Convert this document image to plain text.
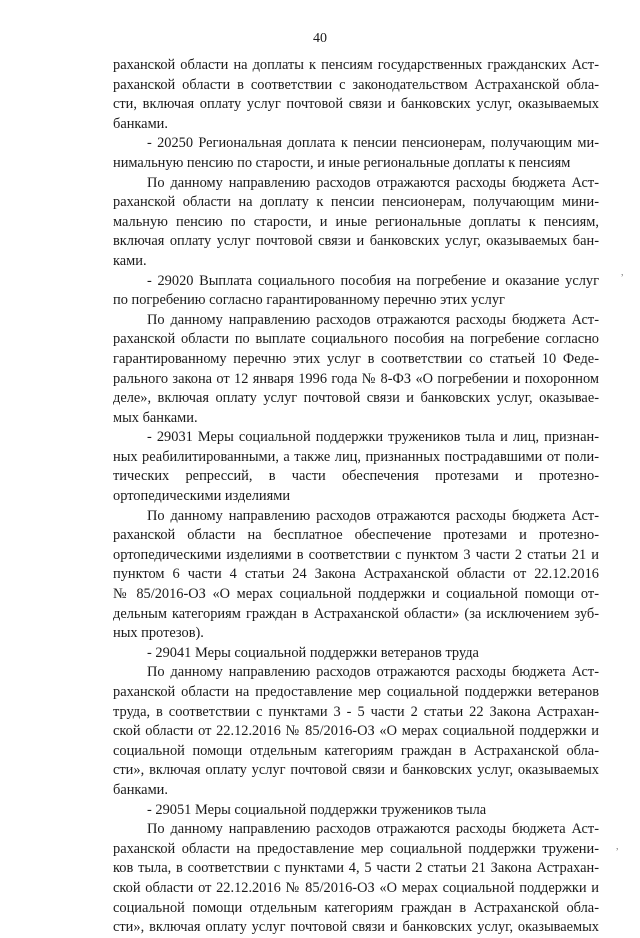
40
раханской области на доплаты к пенсиям государственных гражданских Аст-
раханской области в соответствии с законодательством Астраханской обла-
сти, включая оплату услуг почтовой связи и банковских услуг, оказываемых
банками.
- 20250 Региональная доплата к пенсии пенсионерам, получающим ми-
нимальную пенсию по старости, и иные региональные доплаты к пенсиям
По данному направлению расходов отражаются расходы бюджета Аст-
раханской области на доплату к пенсии пенсионерам, получающим мини-
мальную пенсию по старости, и иные региональные доплаты к пенсиям,
включая оплату услуг почтовой связи и банковских услуг, оказываемых бан-
ками.
- 29020 Выплата социального пособия на погребение и оказание услуг
по погребению согласно гарантированному перечню этих услуг
По данному направлению расходов отражаются расходы бюджета Аст-
раханской области по выплате социального пособия на погребение согласно
гарантированному перечню этих услуг в соответствии со статьей 10 Феде-
рального закона от 12 января 1996 года № 8-ФЗ «О погребении и похоронном
деле», включая оплату услуг почтовой связи и банковских услуг, оказывае-
мых банками.
- 29031 Меры социальной поддержки тружеников тыла и лиц, признан-
ных реабилитированными, а также лиц, признанных пострадавшими от поли-
тических репрессий, в части обеспечения протезами и протезно-
ортопедическими изделиями
По данному направлению расходов отражаются расходы бюджета Аст-
раханской области на бесплатное обеспечение протезами и протезно-
ортопедическими изделиями в соответствии с пунктом 3 части 2 статьи 21 и
пунктом 6 части 4 статьи 24 Закона Астраханской области от 22.12.2016
№ 85/2016-ОЗ «О мерах социальной поддержки и социальной помощи от-
дельным категориям граждан в Астраханской области» (за исключением зуб-
ных протезов).
- 29041 Меры социальной поддержки ветеранов труда
По данному направлению расходов отражаются расходы бюджета Аст-
раханской области на предоставление мер социальной поддержки ветеранов
труда, в соответствии с пунктами 3 - 5 части 2 статьи 22 Закона Астрахан-
ской области от 22.12.2016 № 85/2016-ОЗ «О мерах социальной поддержки и
социальной помощи отдельным категориям граждан в Астраханской обла-
сти», включая оплату услуг почтовой связи и банковских услуг, оказываемых
банками.
- 29051 Меры социальной поддержки тружеников тыла
По данному направлению расходов отражаются расходы бюджета Аст-
раханской области на предоставление мер социальной поддержки тружени-
ков тыла, в соответствии с пунктами 4, 5 части 2 статьи 21 Закона Астрахан-
ской области от 22.12.2016 № 85/2016-ОЗ «О мерах социальной поддержки и
социальной помощи отдельным категориям граждан в Астраханской обла-
сти», включая оплату услуг почтовой связи и банковских услуг, оказываемых
,
,
